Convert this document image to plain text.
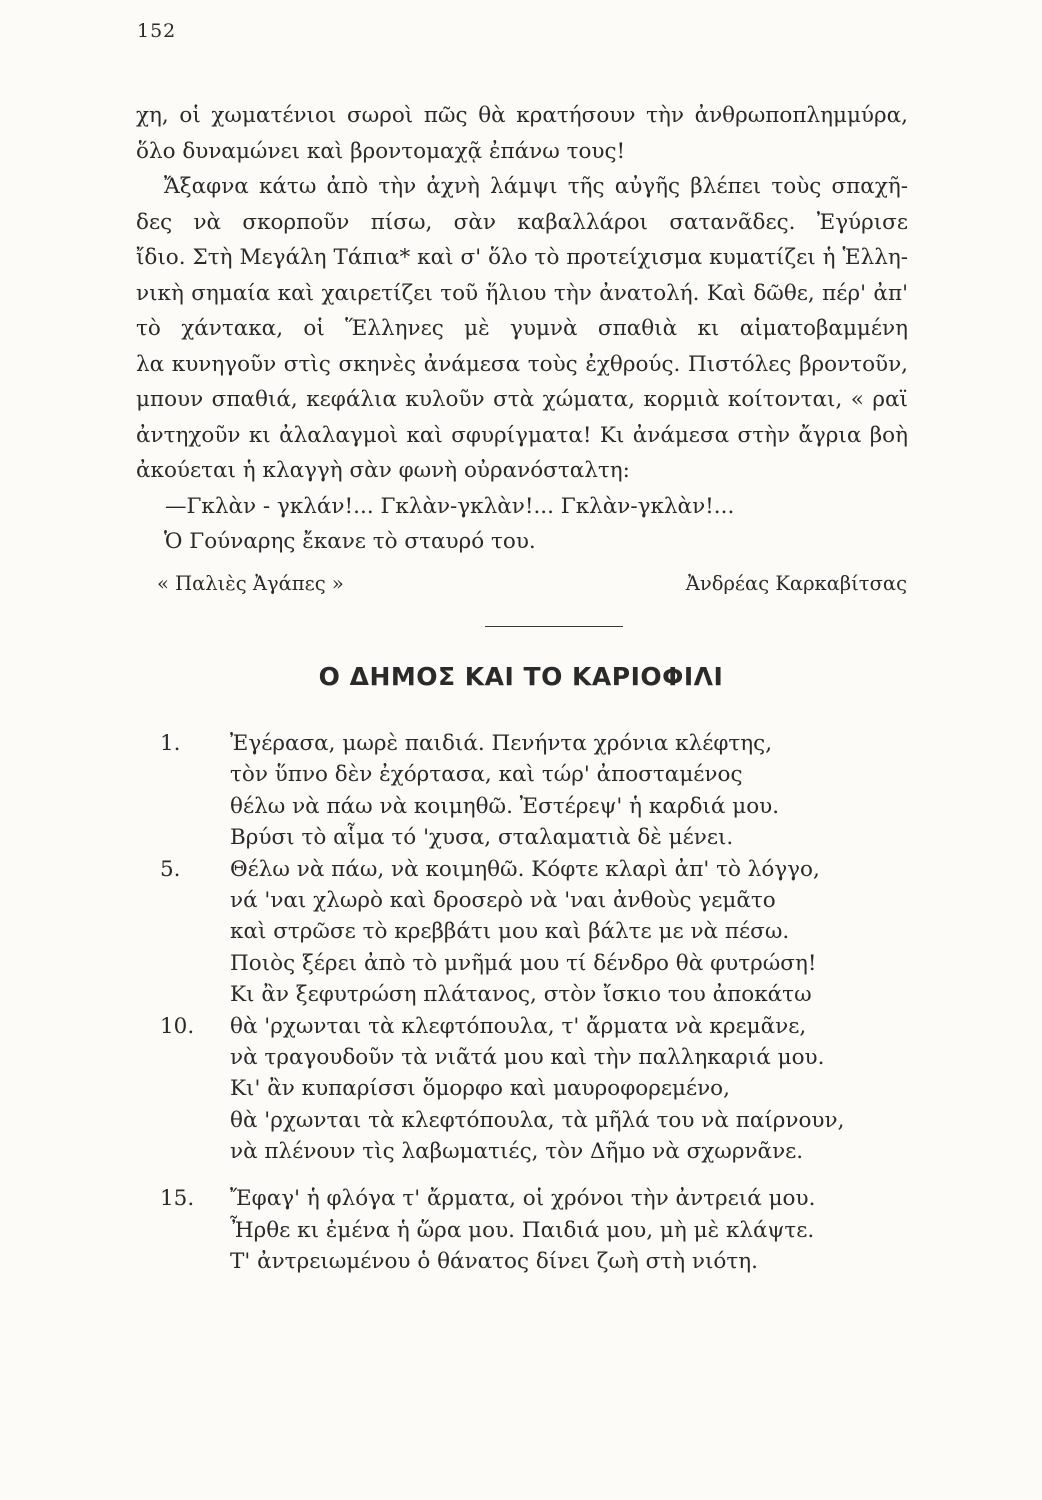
152
χη, οἱ χωματένιοι σωροὶ πῶς θὰ κρατήσουν τὴν ἀνθρωποπλημμύρα,
ὅλο δυναμώνει καὶ βροντομαχᾷ ἐπάνω τους!
Ἄξαφνα κάτω ἀπὸ τὴν ἀχνὴ λάμψι τῆς αὐγῆς βλέπει τοὺς σπαχῆ-
δες νὰ σκορποῦν πίσω, σὰν καβαλλάροι σατανᾶδες. Ἐγύρισε
ἴδιο. Στὴ Μεγάλη Τάπια* καὶ σ' ὅλο τὸ προτείχισμα κυματίζει ἡ Ἑλλη-
νικὴ σημαία καὶ χαιρετίζει τοῦ ἥλιου τὴν ἀνατολή. Καὶ δῶθε, πέρ' ἀπ'
τὸ χάντακα, οἱ Ἕλληνες μὲ γυμνὰ σπαθιὰ κι αἱματοβαμμένη
λα κυνηγοῦν στὶς σκηνὲς ἀνάμεσα τοὺς ἐχθρούς. Πιστόλες βροντοῦν,
μπουν σπαθιά, κεφάλια κυλοῦν στὰ χώματα, κορμιὰ κοίτονται, « ραϊ
ἀντηχοῦν κι ἀλαλαγμοὶ καὶ σφυρίγματα! Κι ἀνάμεσα στὴν ἄγρια βοὴ
ἀκούεται ἡ κλαγγὴ σὰν φωνὴ οὐρανόσταλτη:
—Γκλὰν - γκλάν!... Γκλὰν-γκλὰν!... Γκλὰν-γκλὰν!...
Ὁ Γούναρης ἔκανε τὸ σταυρό του.
« Παλιὲς Ἀγάπες »	Ἀνδρέας Καρκαβίτσας
Ο ΔΗΜΟΣ ΚΑΙ ΤΟ ΚΑΡΙΟΦΙΛΙ
1.	Ἐγέρασα, μωρὲ παιδιά. Πενήντα χρόνια κλέφτης,
τὸν ὕπνο δὲν ἐχόρτασα, καὶ τώρ' ἀποσταμένος
θέλω νὰ πάω νὰ κοιμηθῶ. Ἐστέρεψ' ἡ καρδιά μου.
Βρύσι τὸ αἷμα τό 'χυσα, σταλαματιὰ δὲ μένει.
5.	Θέλω νὰ πάω, νὰ κοιμηθῶ. Κόφτε κλαρὶ ἀπ' τὸ λόγγο,
νά 'ναι χλωρὸ καὶ δροσερὸ νὰ 'ναι ἀνθοὺς γεμᾶτο
καὶ στρῶσε τὸ κρεββάτι μου καὶ βάλτε με νὰ πέσω.
Ποιὸς ξέρει ἀπὸ τὸ μνῆμά μου τί δένδρο θὰ φυτρώση!
Κι ἂν ξεφυτρώση πλάτανος, στὸν ἴσκιο του ἀποκάτω
10.	θὰ 'ρχωνται τὰ κλεφτόπουλα, τ' ἄρματα νὰ κρεμᾶνε,
νὰ τραγουδοῦν τὰ νιᾶτά μου καὶ τὴν παλληκαριά μου.
Κι' ἂν κυπαρίσσι ὅμορφο καὶ μαυροφορεμένο,
θὰ 'ρχωνται τὰ κλεφτόπουλα, τὰ μῆλά του νὰ παίρνουν,
νὰ πλένουν τὶς λαβωματιές, τὸν Δῆμο νὰ σχωρνᾶνε.
15.	Ἔφαγ' ἡ φλόγα τ' ἄρματα, οἱ χρόνοι τὴν ἀντρειά μου.
Ἦρθε κι ἐμένα ἡ ὥρα μου. Παιδιά μου, μὴ μὲ κλάψτε.
Τ' ἀντρειωμένου ὁ θάνατος δίνει ζωὴ στὴ νιότη.
